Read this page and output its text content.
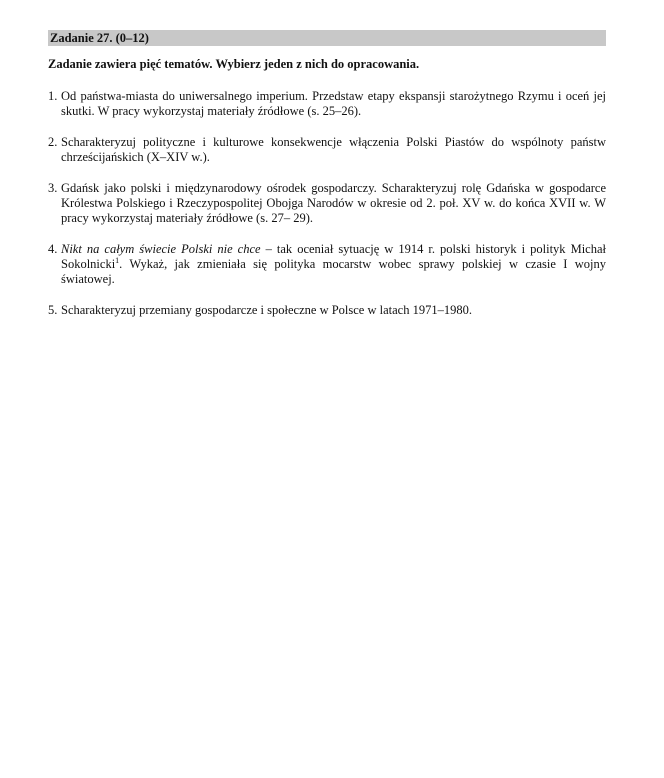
Zadanie 27. (0–12)

Zadanie zawiera pięć tematów. Wybierz jeden z nich do opracowania.

1. Od państwa-miasta do uniwersalnego imperium. Przedstaw etapy ekspansji starożytnego Rzymu i oceń jej skutki. W pracy wykorzystaj materiały źródłowe (s. 25–26).
2. Scharakteryzuj polityczne i kulturowe konsekwencje włączenia Polski Piastów do wspólnoty państw chrześcijańskich (X–XIV w.).
3. Gdańsk jako polski i międzynarodowy ośrodek gospodarczy. Scharakteryzuj rolę Gdańska w gospodarce Królestwa Polskiego i Rzeczypospolitej Obojga Narodów w okresie od 2. poł. XV w. do końca XVII w. W pracy wykorzystaj materiały źródłowe (s. 27– 29).
4. Nikt na całym świecie Polski nie chce – tak oceniał sytuację w 1914 r. polski historyk i polityk Michał Sokolnicki$^1$. Wykaż, jak zmieniała się polityka mocarstw wobec sprawy polskiej w czasie I wojny światowej.
5. Scharakteryzuj przemiany gospodarcze i społeczne w Polsce w latach 1971–1980.
